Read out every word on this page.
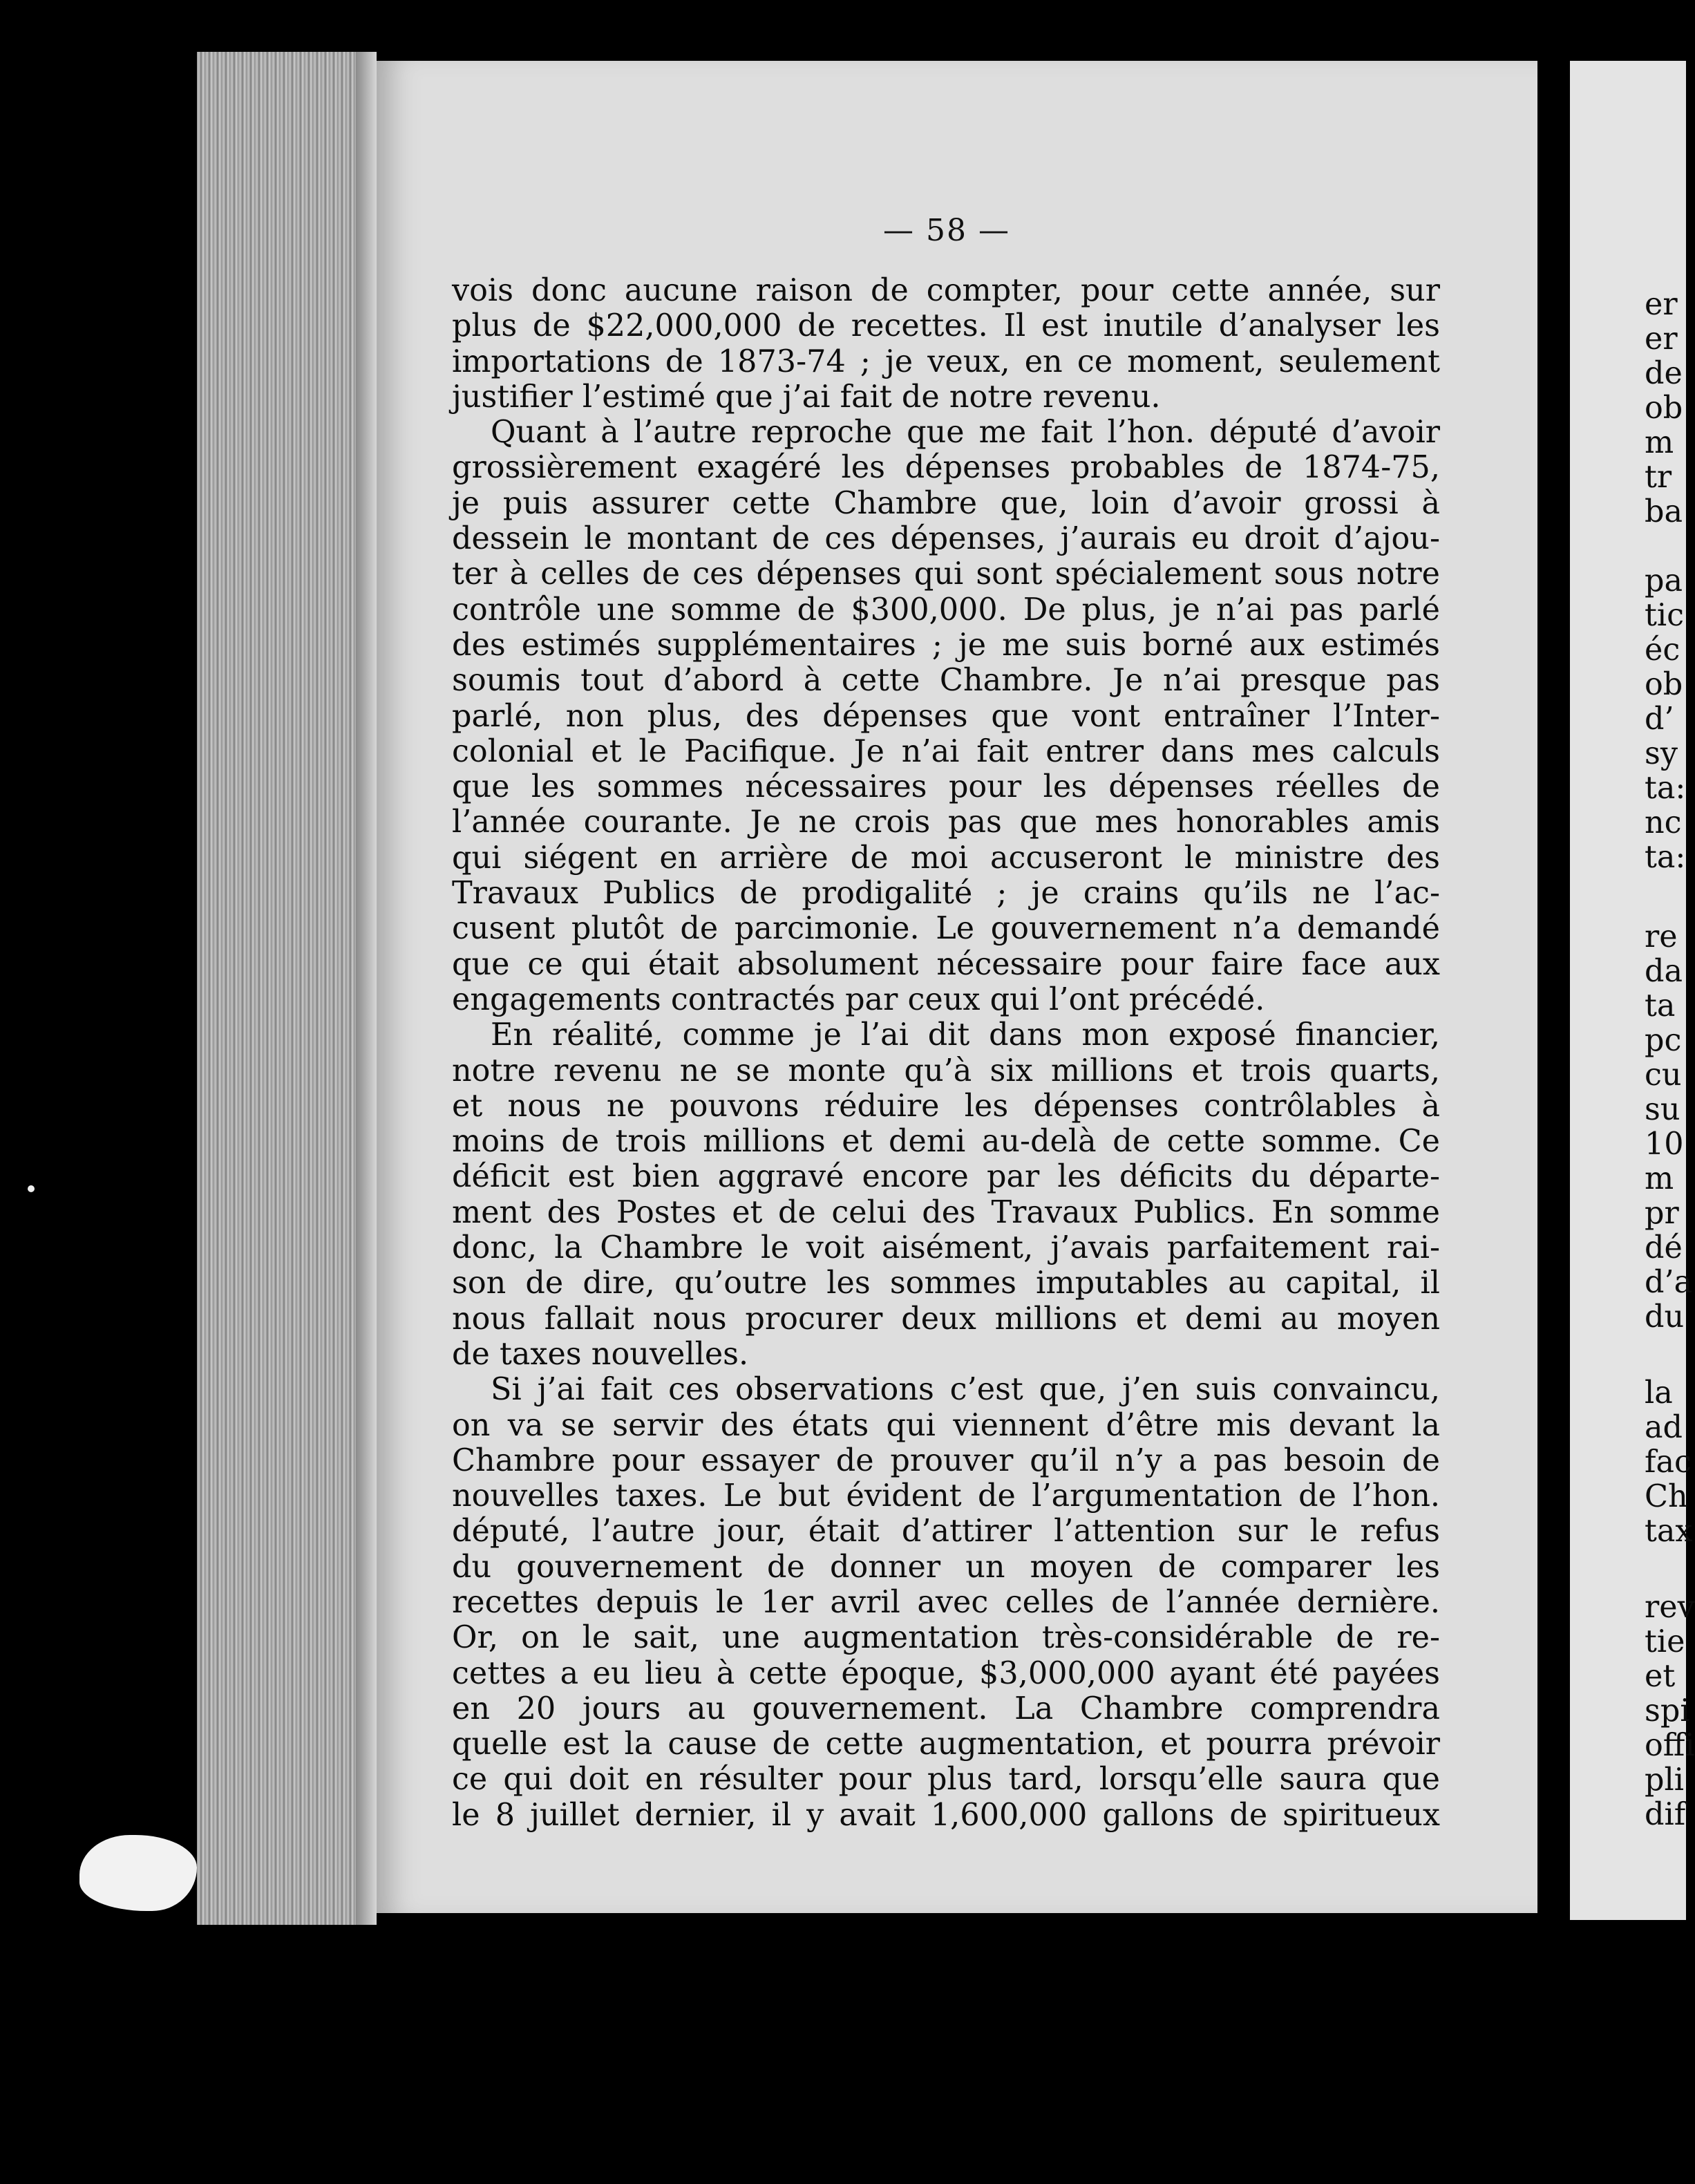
— 58 —
vois donc aucune raison de compter, pour cette année, sur
plus de $22,000,000 de recettes. Il est inutile d’analyser les
importations de 1873-74 ; je veux, en ce moment, seulement
justifier l’estimé que j’ai fait de notre revenu.
Quant à l’autre reproche que me fait l’hon. député d’avoir
grossièrement exagéré les dépenses probables de 1874-75,
je puis assurer cette Chambre que, loin d’avoir grossi à
dessein le montant de ces dépenses, j’aurais eu droit d’ajou-
ter à celles de ces dépenses qui sont spécialement sous notre
contrôle une somme de $300,000. De plus, je n’ai pas parlé
des estimés supplémentaires ; je me suis borné aux estimés
soumis tout d’abord à cette Chambre. Je n’ai presque pas
parlé, non plus, des dépenses que vont entraîner l’Inter-
colonial et le Pacifique. Je n’ai fait entrer dans mes calculs
que les sommes nécessaires pour les dépenses réelles de
l’année courante. Je ne crois pas que mes honorables amis
qui siégent en arrière de moi accuseront le ministre des
Travaux Publics de prodigalité ; je crains qu’ils ne l’ac-
cusent plutôt de parcimonie. Le gouvernement n’a demandé
que ce qui était absolument nécessaire pour faire face aux
engagements contractés par ceux qui l’ont précédé.
En réalité, comme je l’ai dit dans mon exposé financier,
notre revenu ne se monte qu’à six millions et trois quarts,
et nous ne pouvons réduire les dépenses contrôlables à
moins de trois millions et demi au-delà de cette somme. Ce
déficit est bien aggravé encore par les déficits du départe-
ment des Postes et de celui des Travaux Publics. En somme
donc, la Chambre le voit aisément, j’avais parfaitement rai-
son de dire, qu’outre les sommes imputables au capital, il
nous fallait nous procurer deux millions et demi au moyen
de taxes nouvelles.
Si j’ai fait ces observations c’est que, j’en suis convaincu,
on va se servir des états qui viennent d’être mis devant la
Chambre pour essayer de prouver qu’il n’y a pas besoin de
nouvelles taxes. Le but évident de l’argumentation de l’hon.
député, l’autre jour, était d’attirer l’attention sur le refus
du gouvernement de donner un moyen de comparer les
recettes depuis le 1er avril avec celles de l’année dernière.
Or, on le sait, une augmentation très-considérable de re-
cettes a eu lieu à cette époque, $3,000,000 ayant été payées
en 20 jours au gouvernement. La Chambre comprendra
quelle est la cause de cette augmentation, et pourra prévoir
ce qui doit en résulter pour plus tard, lorsqu’elle saura que
le 8 juillet dernier, il y avait 1,600,000 gallons de spiritueux
er
er
de
ob
m
tr
ba
pa
tic
éc
ob
d’
sy
ta:
nc
ta:
re
da
ta
pc
cu
su
10
m
pr
dé
d’a
du
la
ad
fac
Ch
tax
rev
tie
et
spi
offi
pli
dif
